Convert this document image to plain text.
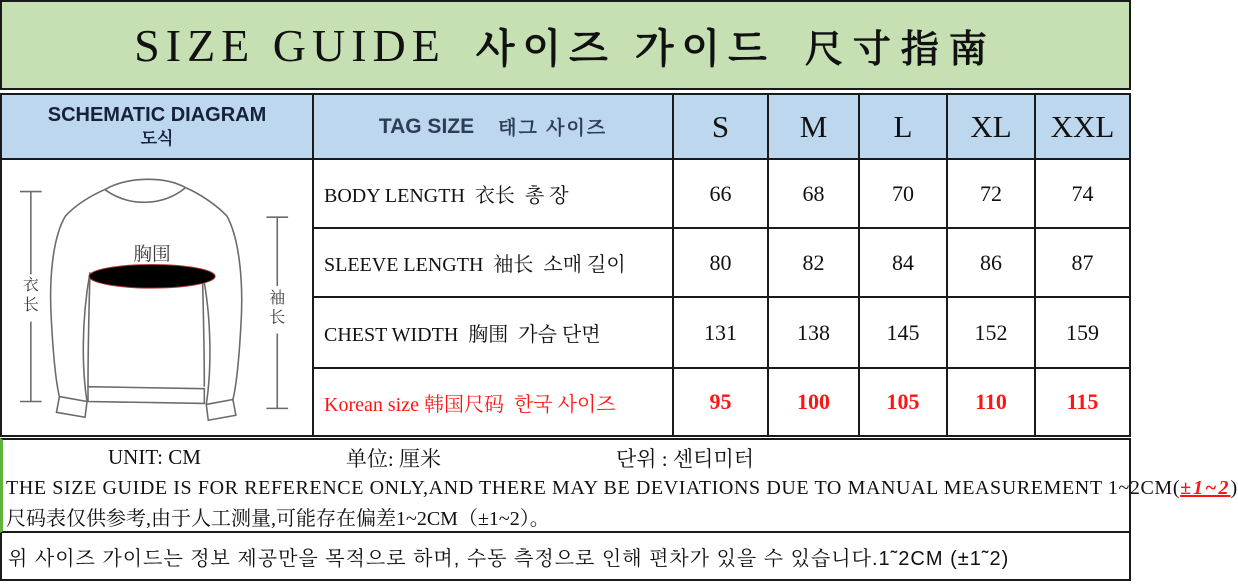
SIZE GUIDE 사이즈 가이드 尺寸指南
SCHEMATIC DIAGRAM
도식
TAG SIZE 태그 사이즈	S	M	L	XL	XXL
衣
长	袖
长
胸围
BODY LENGTH  衣长  총 장	66	68	70	72	74
SLEEVE LENGTH  袖长  소매 길이	80	82	84	86	87
CHEST WIDTH  胸围  가슴 단면	131	138	145	152	159
Korean size 韩国尺码  한국 사이즈	95	100	105	110	115
UNIT: CM	单位: 厘米	단위 : 센티미터
THE SIZE GUIDE IS FOR REFERENCE ONLY,AND THERE MAY BE DEVIATIONS DUE TO MANUAL MEASUREMENT 1~2CM( ±1~2 )
尺码表仅供参考,由于人工测量,可能存在偏差1~2CM（±1~2）。
위 사이즈 가이드는 정보 제공만을 목적으로 하며, 수동 측정으로 인해 편차가 있을 수 있습니다.1˜2CM (±1˜2)
